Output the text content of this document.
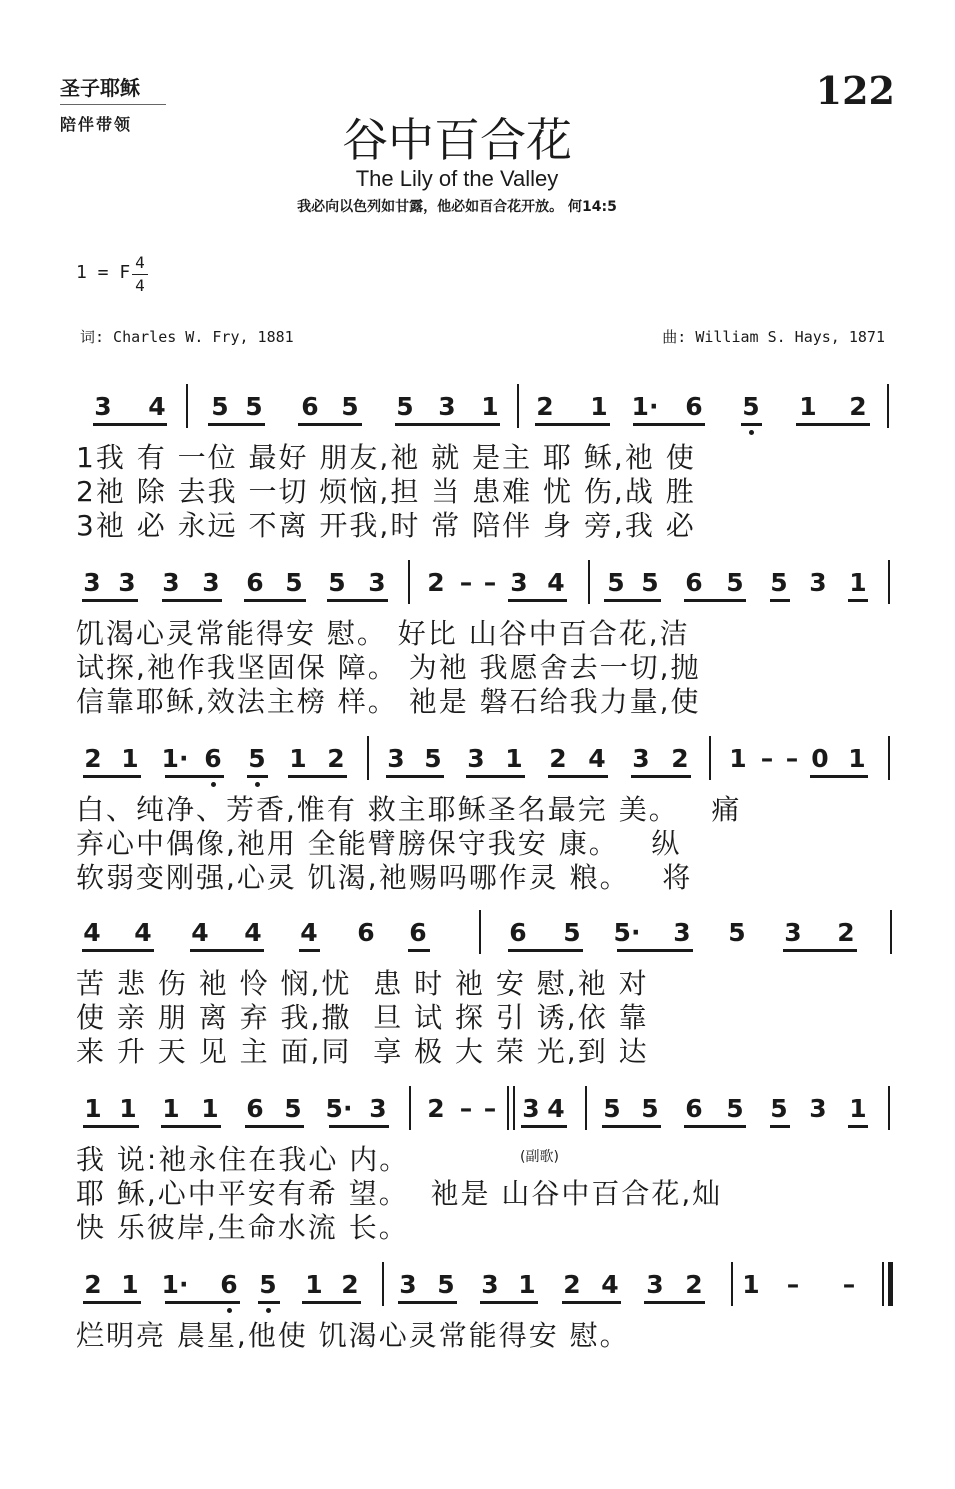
圣子耶稣
陪伴带领
122
谷中百合花
The Lily of the Valley
我必向以色列如甘露，他必如百合花开放。 何14:5
1 = F 4
4
词: Charles W. Fry, 1881	曲: William S. Hays, 1871
3 4 5 5 6 5 5 3 1 2 1 1· 6 5 1 2
1我 有 一位 最好 朋友,祂 就 是主 耶 稣,祂 使
2祂 除 去我 一切 烦恼,担 当 患难 忧 伤,战 胜
3祂 必 永远 不离 开我,时 常 陪伴 身 旁,我 必
3 3 3 3 6 5 5 3 2 – – 3 4 5 5 6 5 5 3 1
饥渴心灵常能得安 慰。 好比 山谷中百合花,洁
试探,祂作我坚固保 障。 为祂 我愿舍去一切,抛
信靠耶稣,效法主榜 样。 祂是 磐石给我力量,使
2 1 1· 6 5 1 2 3 5 3 1 2 4 3 2 1 – – 0 1
白、纯净、芳香,惟有 救主耶稣圣名最完 美。   痛
弃心中偶像,祂用 全能臂膀保守我安 康。   纵
软弱变刚强,心灵 饥渴,祂赐吗哪作灵 粮。   将
4 4 4 4 4 6 6	6 5 5· 3 5 3 2
苦 悲 伤 祂 怜 悯,忧  患 时 祂 安 慰,祂 对
使 亲 朋 离 弃 我,撒  旦 试 探 引 诱,依 靠
来 升 天 见 主 面,同  享 极 大 荣 光,到 达
1 1 1 1 6 5 5· 3 2 – –	3 4 5 5 6 5 5 3 1
我 说:祂永住在我心 内。	(副歌)
耶 稣,心中平安有希 望。  祂是 山谷中百合花,灿
快 乐彼岸,生命水流 长。
2 1 1· 6 5 1 2 3 5 3 1 2 4 3 2 1	–	–
烂明亮 晨星,他使 饥渴心灵常能得安 慰。
